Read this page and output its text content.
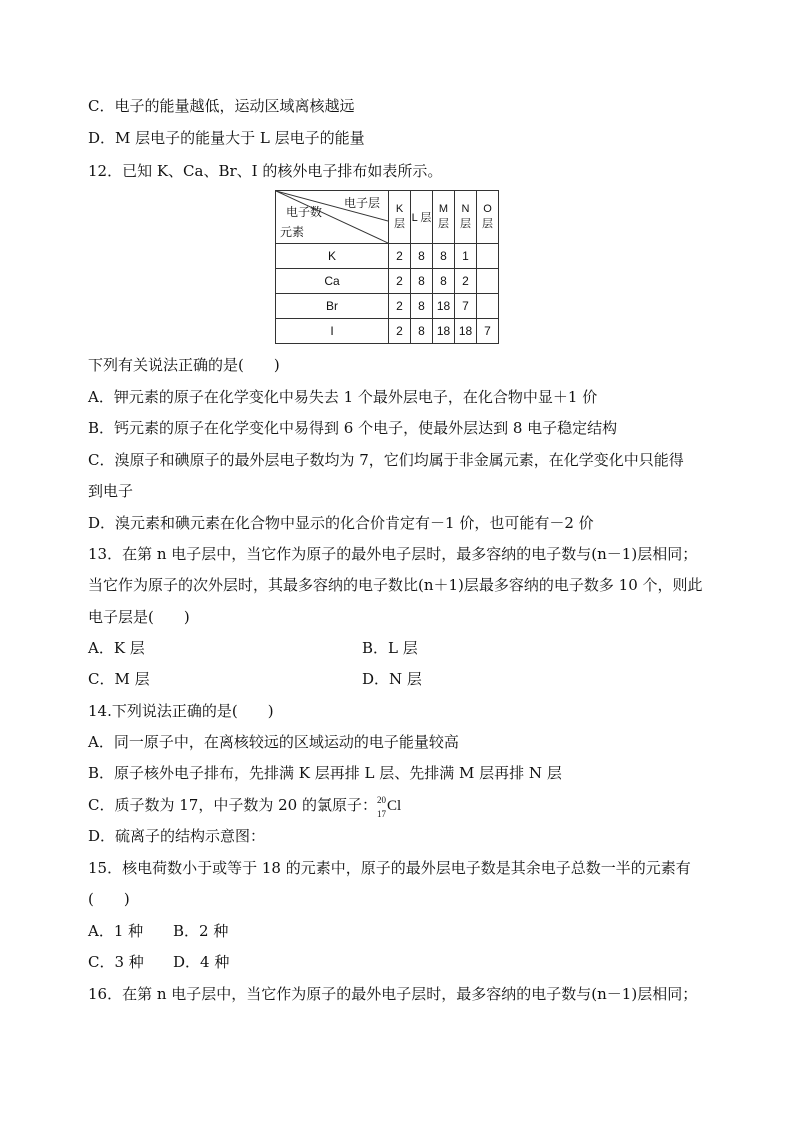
C．电子的能量越低，运动区域离核越远
D．M 层电子的能量大于 L 层电子的能量
12．已知 K、Ca、Br、I 的核外电子排布如表所示。
电子层
电子数
元素	K 层	L 层	M 层	N 层	O 层
K	2	8	8	1	
Ca	2	8	8	2	
Br	2	8	18	7	
I	2	8	18	18	7
下列有关说法正确的是(　　)
A．钾元素的原子在化学变化中易失去 1 个最外层电子，在化合物中显＋1 价
B．钙元素的原子在化学变化中易得到 6 个电子，使最外层达到 8 电子稳定结构
C．溴原子和碘原子的最外层电子数均为 7，它们均属于非金属元素，在化学变化中只能得
到电子
D．溴元素和碘元素在化合物中显示的化合价肯定有－1 价，也可能有－2 价
13．在第 n 电子层中，当它作为原子的最外电子层时，最多容纳的电子数与(n－1)层相同；
当它作为原子的次外层时，其最多容纳的电子数比(n＋1)层最多容纳的电子数多 10 个，则此
电子层是(　　)
A．K 层	B．L 层
C．M 层	D．N 层
14.下列说法正确的是(　　)
A．同一原子中，在离核较远的区域运动的电子能量较高
B．原子核外电子排布，先排满 K 层再排 L 层、先排满 M 层再排 N 层
C．质子数为 17，中子数为 20 的氯原子： 20
17 Cl
D．硫离子的结构示意图：
15．核电荷数小于或等于 18 的元素中，原子的最外层电子数是其余电子总数一半的元素有
(　　)
A．1 种 B．2 种
C．3 种 D．4 种
16．在第 n 电子层中，当它作为原子的最外电子层时，最多容纳的电子数与(n－1)层相同；
